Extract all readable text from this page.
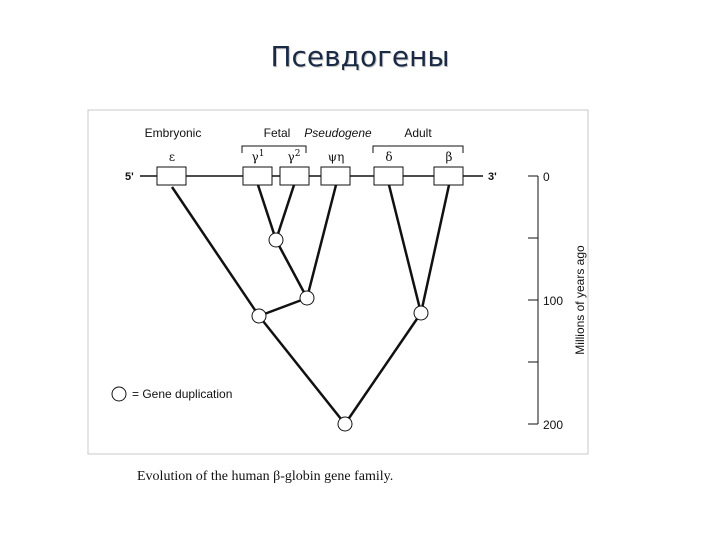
Псевдогены
Embryonic	Fetal Pseudogene	Adult
ε	$\gamma^1$ $\gamma^2$ ψη	δ	β
5'	3'
= Gene duplication
0
100
200
Millions of years ago
Evolution of the human β-globin gene family.
